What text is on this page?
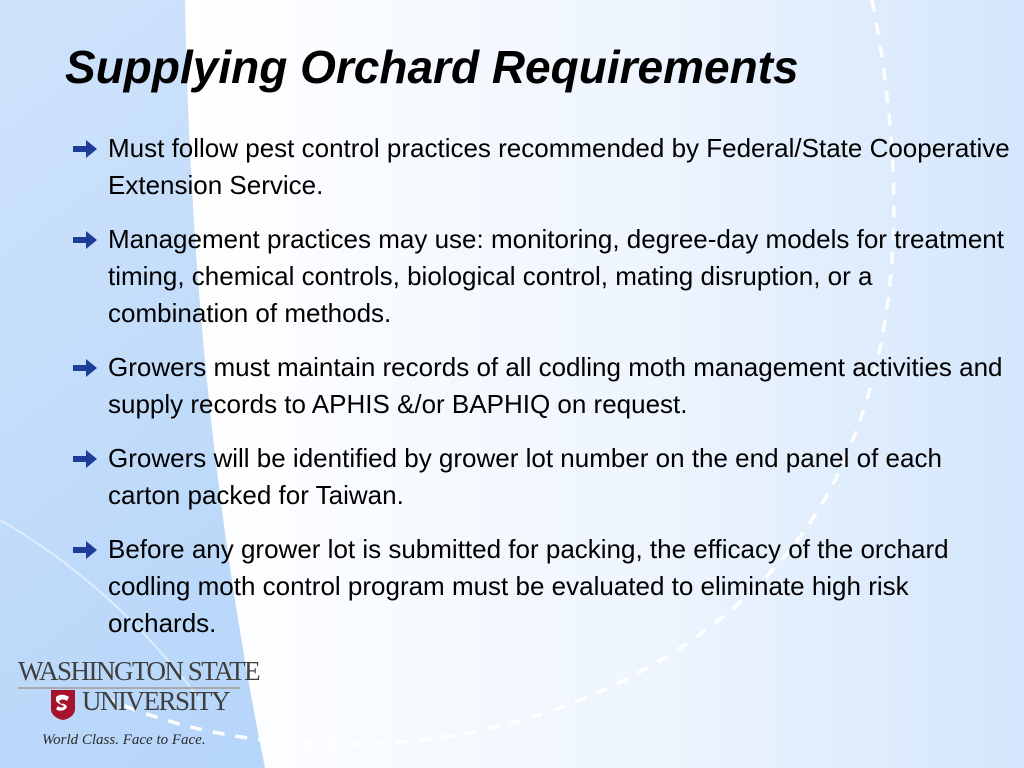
Supplying Orchard Requirements
Must follow pest control practices recommended by Federal/State Cooperative Extension Service.
Management practices may use: monitoring, degree-day models for treatment timing, chemical controls, biological control, mating disruption, or a combination of methods.
Growers must maintain records of all codling moth management activities and supply records to APHIS &/or BAPHIQ on request.
Growers will be identified by grower lot number on the end panel of each carton packed for Taiwan.
Before any grower lot is submitted for packing, the efficacy of the orchard codling moth control program must be evaluated to eliminate high risk orchards.
WASHINGTON STATE
UNIVERSITY
World Class. Face to Face.
